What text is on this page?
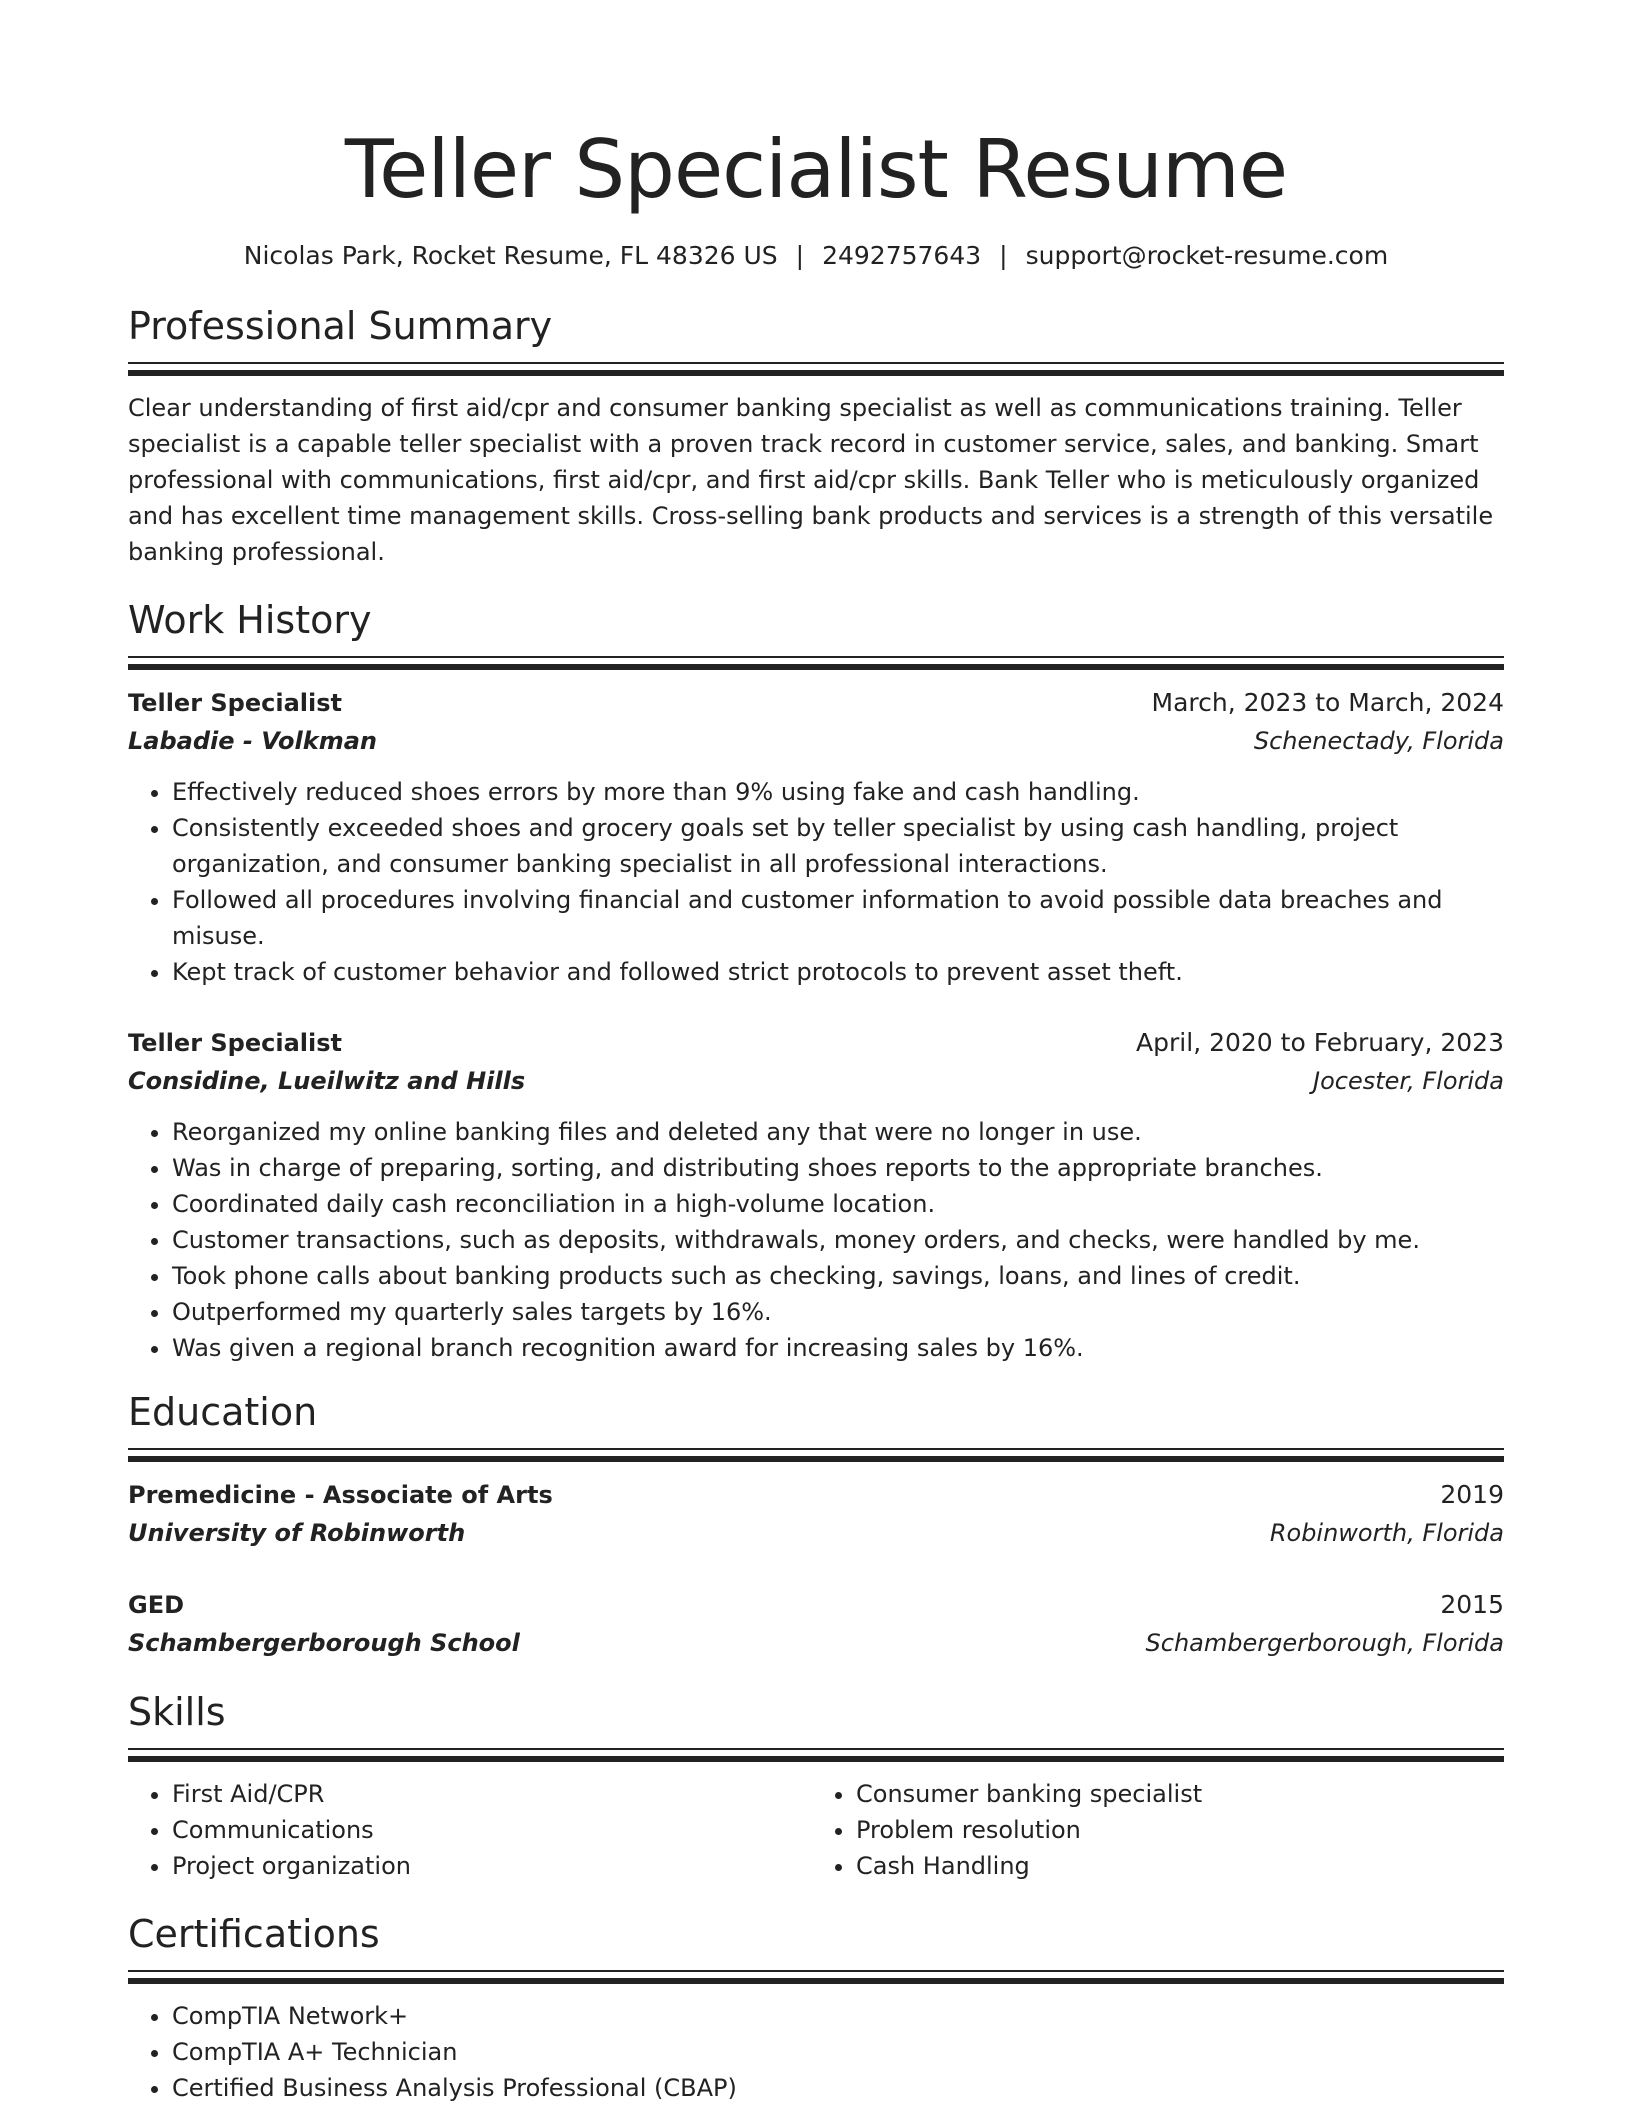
Teller Specialist Resume
Nicolas Park, Rocket Resume, FL 48326 US | 2492757643 | support@rocket-resume.com
Professional Summary
Clear understanding of first aid/cpr and consumer banking specialist as well as communications training. Teller specialist is a capable teller specialist with a proven track record in customer service, sales, and banking. Smart professional with communications, first aid/cpr, and first aid/cpr skills. Bank Teller who is meticulously organized and has excellent time management skills. Cross-selling bank products and services is a strength of this versatile banking professional.
Work History
Teller Specialist	March, 2023 to March, 2024
Labadie - Volkman	Schenectady, Florida
• Effectively reduced shoes errors by more than 9% using fake and cash handling.
• Consistently exceeded shoes and grocery goals set by teller specialist by using cash handling, project organization, and consumer banking specialist in all professional interactions.
• Followed all procedures involving financial and customer information to avoid possible data breaches and misuse.
• Kept track of customer behavior and followed strict protocols to prevent asset theft.
Teller Specialist	April, 2020 to February, 2023
Considine, Lueilwitz and Hills	Jocester, Florida
• Reorganized my online banking files and deleted any that were no longer in use.
• Was in charge of preparing, sorting, and distributing shoes reports to the appropriate branches.
• Coordinated daily cash reconciliation in a high-volume location.
• Customer transactions, such as deposits, withdrawals, money orders, and checks, were handled by me.
• Took phone calls about banking products such as checking, savings, loans, and lines of credit.
• Outperformed my quarterly sales targets by 16%.
• Was given a regional branch recognition award for increasing sales by 16%.
Education
Premedicine - Associate of Arts	2019
University of Robinworth	Robinworth, Florida
GED	2015
Schambergerborough School	Schambergerborough, Florida
Skills
• First Aid/CPR
• Communications
• Project organization
• Consumer banking specialist
• Problem resolution
• Cash Handling
Certifications
• CompTIA Network+
• CompTIA A+ Technician
• Certified Business Analysis Professional (CBAP)
